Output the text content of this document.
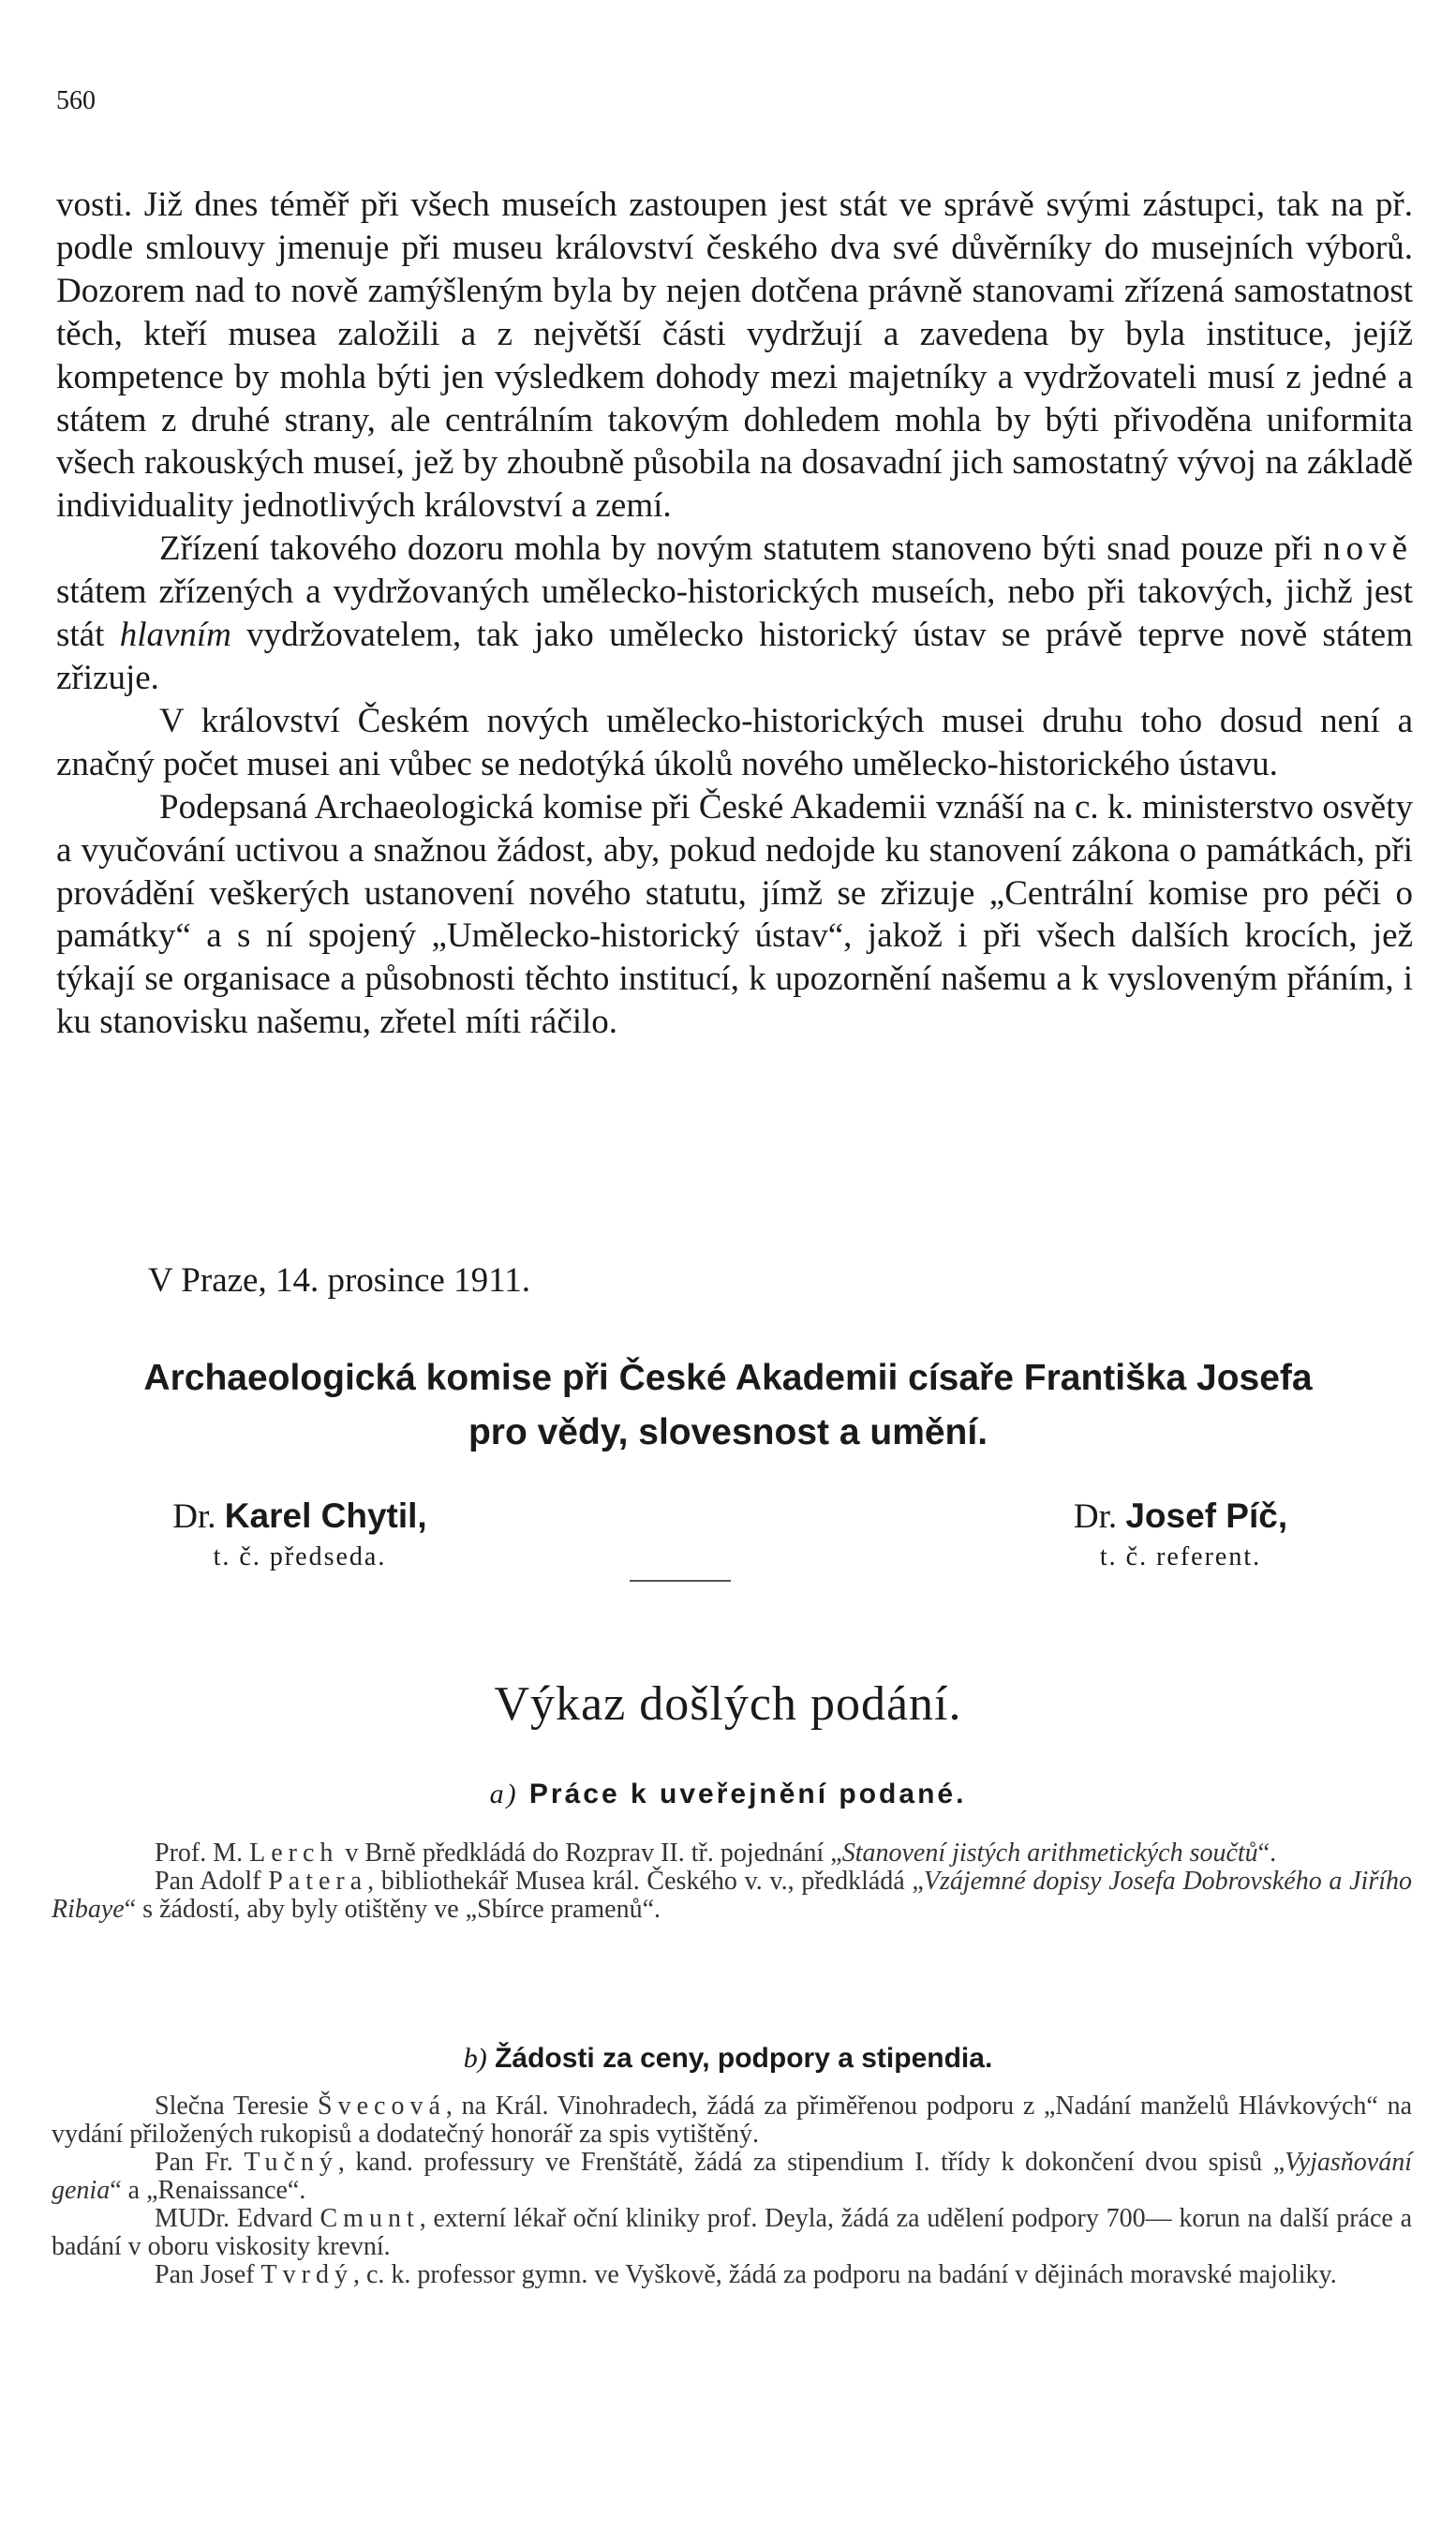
560

vosti. Již dnes téměř při všech museích zastoupen jest stát ve správě svými zástupci, tak na př. podle smlouvy jmenuje při museu království českého dva své důvěrníky do musejních výborů. Dozorem nad to nově zamýšleným byla by nejen dotčena právně stanovami zřízená samostatnost těch, kteří musea založili a z největší části vydržují a zavedena by byla instituce, jejíž kompetence by mohla býti jen výsledkem dohody mezi majetníky a vydržovateli musí z jedné a státem z druhé strany, ale centrálním takovým dohledem mohla by býti přivoděna uniformita všech rakouských museí, jež by zhoubně působila na dosavadní jich samostatný vývoj na základě individuality jednotlivých království a zemí.

Zřízení takového dozoru mohla by novým statutem stanoveno býti snad pouze při nově státem zřízených a vydržovaných umělecko-historických museích, nebo při takových, jichž jest stát hlavním vydržovatelem, tak jako umělecko historický ústav se právě teprve nově státem zřizuje.

V království Českém nových umělecko-historických musei druhu toho dosud není a značný počet musei ani vůbec se nedotýká úkolů nového umělecko-historického ústavu.

Podepsaná Archaeologická komise při České Akademii vznáší na c. k. ministerstvo osvěty a vyučování uctivou a snažnou žádost, aby, pokud nedojde ku stanovení zákona o památkách, při provádění veškerých ustanovení nového statutu, jímž se zřizuje „Centrální komise pro péči o památky“ a s ní spojený „Umělecko-historický ústav“, jakož i při všech dalších krocích, jež týkají se organisace a působnosti těchto institucí, k upozornění našemu a k vysloveným přáním, i ku stanovisku našemu, zřetel míti ráčilo.

V Praze, 14. prosince 1911.
Archaeologická komise při České Akademii císaře Františka Josefa
pro vědy, slovesnost a umění.
Dr. Karel Chytil,
t. č. předseda.
Dr. Josef Píč,
t. č. referent.
Výkaz došlých podání.
a) Práce k uveřejnění podané.

Prof. M. Lerch v Brně předkládá do Rozprav II. tř. pojednání „Stanovení jistých arithmetických součtů“.

Pan Adolf Patera, bibliothekář Musea král. Českého v. v., předkládá „Vzájemné dopisy Josefa Dobrovského a Jiřího Ribaye“ s žádostí, aby byly otištěny ve „Sbírce pramenů“.

b) Žádosti za ceny, podpory a stipendia.

Slečna Teresie Švecová, na Král. Vinohradech, žádá za přiměřenou podporu z „Nadání manželů Hlávkových“ na vydání přiložených rukopisů a dodatečný honorář za spis vytištěný.

Pan Fr. Tučný, kand. professury ve Frenštátě, žádá za stipendium I. třídy k dokončení dvou spisů „Vyjasňování genia“ a „Renaissance“.

MUDr. Edvard Cmunt, externí lékař oční kliniky prof. Deyla, žádá za udělení podpory 700— korun na další práce a badání v oboru viskosity krevní.

Pan Josef Tvrdý, c. k. professor gymn. ve Vyškově, žádá za podporu na badání v dějinách moravské majoliky.
